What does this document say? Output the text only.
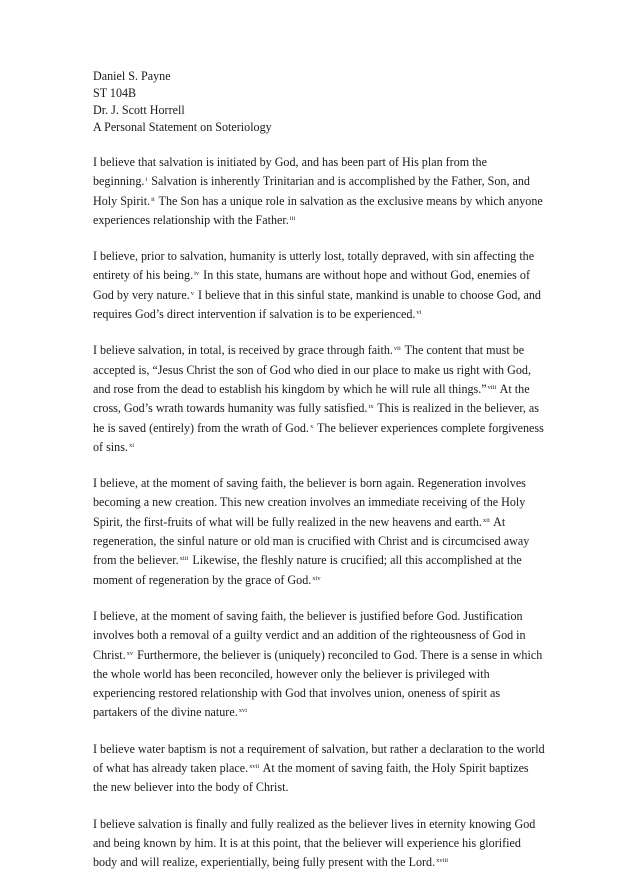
Daniel S. Payne

ST 104B

Dr. J. Scott Horrell

A Personal Statement on Soteriology

I believe that salvation is initiated by God, and has been part of His plan from the beginning.$^i$ Salvation is inherently Trinitarian and is accomplished by the Father, Son, and Holy Spirit.$^{ii}$ The Son has a unique role in salvation as the exclusive means by which anyone experiences relationship with the Father.$^{iii}$

I believe, prior to salvation, humanity is utterly lost, totally depraved, with sin affecting the entirety of his being.$^{iv}$ In this state, humans are without hope and without God, enemies of God by very nature.$^v$ I believe that in this sinful state, mankind is unable to choose God, and requires God’s direct intervention if salvation is to be experienced.$^{vi}$

I believe salvation, in total, is received by grace through faith.$^{vii}$ The content that must be accepted is, “Jesus Christ the son of God who died in our place to make us right with God, and rose from the dead to establish his kingdom by which he will rule all things.”$^{viii}$ At the cross, God’s wrath towards humanity was fully satisfied.$^{ix}$ This is realized in the believer, as he is saved (entirely) from the wrath of God.$^x$ The believer experiences complete forgiveness of sins.$^{xi}$

I believe, at the moment of saving faith, the believer is born again. Regeneration involves becoming a new creation. This new creation involves an immediate receiving of the Holy Spirit, the first-fruits of what will be fully realized in the new heavens and earth.$^{xii}$ At regeneration, the sinful nature or old man is crucified with Christ and is circumcised away from the believer.$^{xiii}$ Likewise, the fleshly nature is crucified; all this accomplished at the moment of regeneration by the grace of God.$^{xiv}$

I believe, at the moment of saving faith, the believer is justified before God. Justification involves both a removal of a guilty verdict and an addition of the righteousness of God in Christ.$^{xv}$ Furthermore, the believer is (uniquely) reconciled to God. There is a sense in which the whole world has been reconciled, however only the believer is privileged with experiencing restored relationship with God that involves union, oneness of spirit as partakers of the divine nature.$^{xvi}$

I believe water baptism is not a requirement of salvation, but rather a declaration to the world of what has already taken place.$^{xvii}$ At the moment of saving faith, the Holy Spirit baptizes the new believer into the body of Christ.

I believe salvation is finally and fully realized as the believer lives in eternity knowing God and being known by him. It is at this point, that the believer will experience his glorified body and will realize, experientially, being fully present with the Lord.$^{xviii}$
